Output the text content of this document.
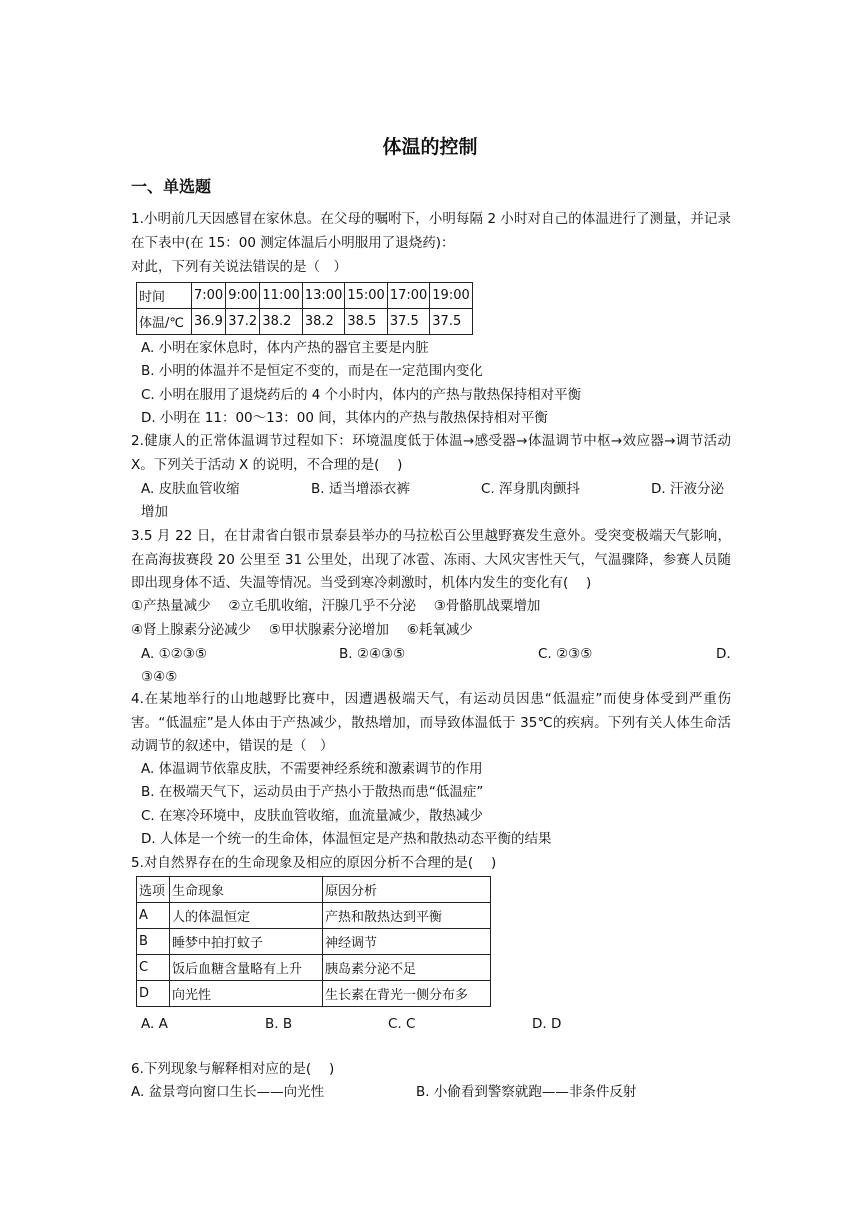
体温的控制
一、单选题
1.小明前几天因感冒在家休息。在父母的嘱咐下，小明每隔 2 小时对自己的体温进行了测量，并记录在下表中(在 15：00 测定体温后小明服用了退烧药)：
对此，下列有关说法错误的是（　）
时间	7:00	9:00	11:00	13:00	15:00	17:00	19:00
体温/℃	36.9	37.2	38.2	38.2	38.5	37.5	37.5
A. 小明在家休息时，体内产热的器官主要是内脏
B. 小明的体温并不是恒定不变的，而是在一定范围内变化
C. 小明在服用了退烧药后的 4 个小时内，体内的产热与散热保持相对平衡
D. 小明在 11：00～13：00 间，其体内的产热与散热保持相对平衡
2.健康人的正常体温调节过程如下：环境温度低于体温→感受器→体温调节中枢→效应器→调节活动 X。下列关于活动 X 的说明，不合理的是(　 )
A. 皮肤血管收缩	B. 适当增添衣裤	C. 浑身肌肉颤抖	D. 汗液分泌
增加
3.5 月 22 日，在甘肃省白银市景泰县举办的马拉松百公里越野赛发生意外。受突变极端天气影响，在高海拔赛段 20 公里至 31 公里处，出现了冰雹、冻雨、大风灾害性天气，气温骤降，参赛人员随即出现身体不适、失温等情况。当受到寒冷刺激时，机体内发生的变化有(　 )
①产热量减少　 ②立毛肌收缩，汗腺几乎不分泌　 ③骨骼肌战粟增加
④肾上腺素分泌减少　 ⑤甲状腺素分泌增加　 ⑥耗氧减少
A. ①②③⑤	B. ②④③⑤	C. ②③⑤	D.
③④⑤
4.在某地举行的山地越野比赛中，因遭遇极端天气，有运动员因患“低温症”而使身体受到严重伤害。“低温症”是人体由于产热减少，散热增加，而导致体温低于 35℃的疾病。下列有关人体生命活动调节的叙述中，错误的是（　）
A. 体温调节依靠皮肤，不需要神经系统和激素调节的作用
B. 在极端天气下，运动员由于产热小于散热而患“低温症”
C. 在寒冷环境中，皮肤血管收缩，血流量减少，散热减少
D. 人体是一个统一的生命体，体温恒定是产热和散热动态平衡的结果
5.对自然界存在的生命现象及相应的原因分析不合理的是(　 )
选项	生命现象	原因分析
A	人的体温恒定	产热和散热达到平衡
B	睡梦中拍打蚊子	神经调节
C	饭后血糖含量略有上升	胰岛素分泌不足
D	向光性	生长素在背光一侧分布多
A. A	B. B	C. C	D. D
6.下列现象与解释相对应的是(　 )
A. 盆景弯向窗口生长——向光性	B. 小偷看到警察就跑——非条件反射
